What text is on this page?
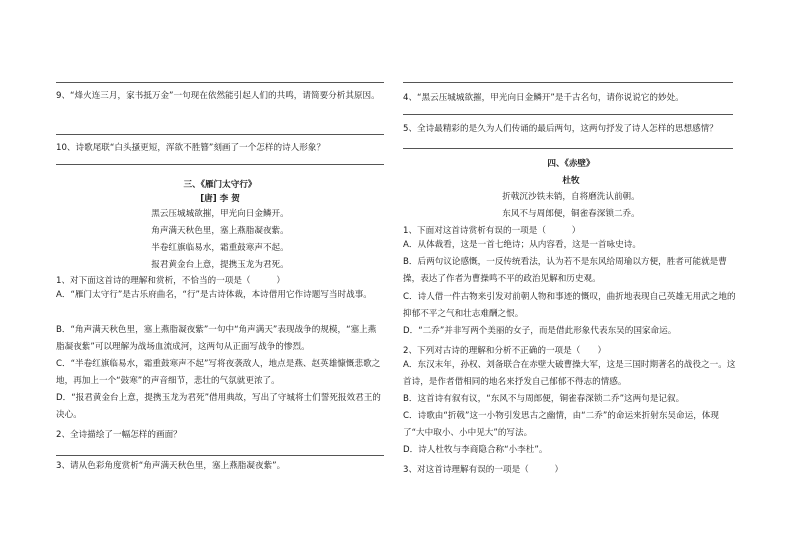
9、“烽火连三月，家书抵万金”一句现在依然能引起人们的共鸣，请简要分析其原因。
10、诗歌尾联“白头搔更短，浑欲不胜簪”刻画了一个怎样的诗人形象？
三、《雁门太守行》
[唐] 李 贺
黑云压城城欲摧，甲光向日金鳞开。
角声满天秋色里，塞上燕脂凝夜紫。
半卷红旗临易水，霜重鼓寒声不起。
报君黄金台上意，提携玉龙为君死。
1、对下面这首诗的理解和赏析，不恰当的一项是（　　　）
A．“雁门太守行”是古乐府曲名，“行”是古诗体裁，本诗借用它作诗题写当时战事。
B．“角声满天秋色里，塞上燕脂凝夜紫”一句中“角声满天”表现战争的规模，“塞上燕脂凝夜紫”可以理解为战场血流成河，这两句从正面写战争的惨烈。
C．“半卷红旗临易水，霜重鼓寒声不起”写将夜袭敌人，地点是燕、赵英雄慷慨悲歌之地，再加上一个“鼓寒”的声音细节，悲壮的气氛就更浓了。
D．“报君黄金台上意，提携玉龙为君死”借用典故，写出了守城将士们誓死报效君王的决心。
2、全诗描绘了一幅怎样的画面？
3、请从色彩角度赏析“角声满天秋色里，塞上燕脂凝夜紫”。
4、“黑云压城城欲摧，甲光向日金鳞开”是千古名句，请你说说它的妙处。
5、全诗最精彩的是久为人们传诵的最后两句，这两句抒发了诗人怎样的思想感情？
四、《赤壁》
杜牧
折戟沉沙铁未销，自将磨洗认前朝。
东风不与周郎便，铜雀春深锁二乔。
1、下面对这首诗赏析有误的一项是（　　　）
A．从体裁看，这是一首七绝诗；从内容看，这是一首咏史诗。
B．后两句议论感慨，一反传统看法，认为若不是东风给周瑜以方便，胜者可能就是曹操，表达了作者为曹操鸣不平的政治见解和历史观。
C．诗人借一件古物来引发对前朝人物和事迹的慨叹，曲折地表现自己英雄无用武之地的抑郁不平之气和壮志难酬之恨。
D．“二乔”并非写两个美丽的女子，而是借此形象代表东吴的国家命运。
2、下列对古诗的理解和分析不正确的一项是（　　）
A．东汉末年，孙权、刘备联合在赤壁大破曹操大军，这是三国时期著名的战役之一。这首诗，是作者借相同的地名来抒发自己郁郁不得志的情感。
B．这首诗有叙有议，“东风不与周郎便，铜雀春深锁二乔”这两句是记叙。
C．诗歌由“折戟”这一小物引发思古之幽情，由“二乔”的命运来折射东吴命运，体现了“大中取小、小中见大”的写法。
D．诗人杜牧与李商隐合称“小李杜”。
3、对这首诗理解有误的一项是（　　　）
